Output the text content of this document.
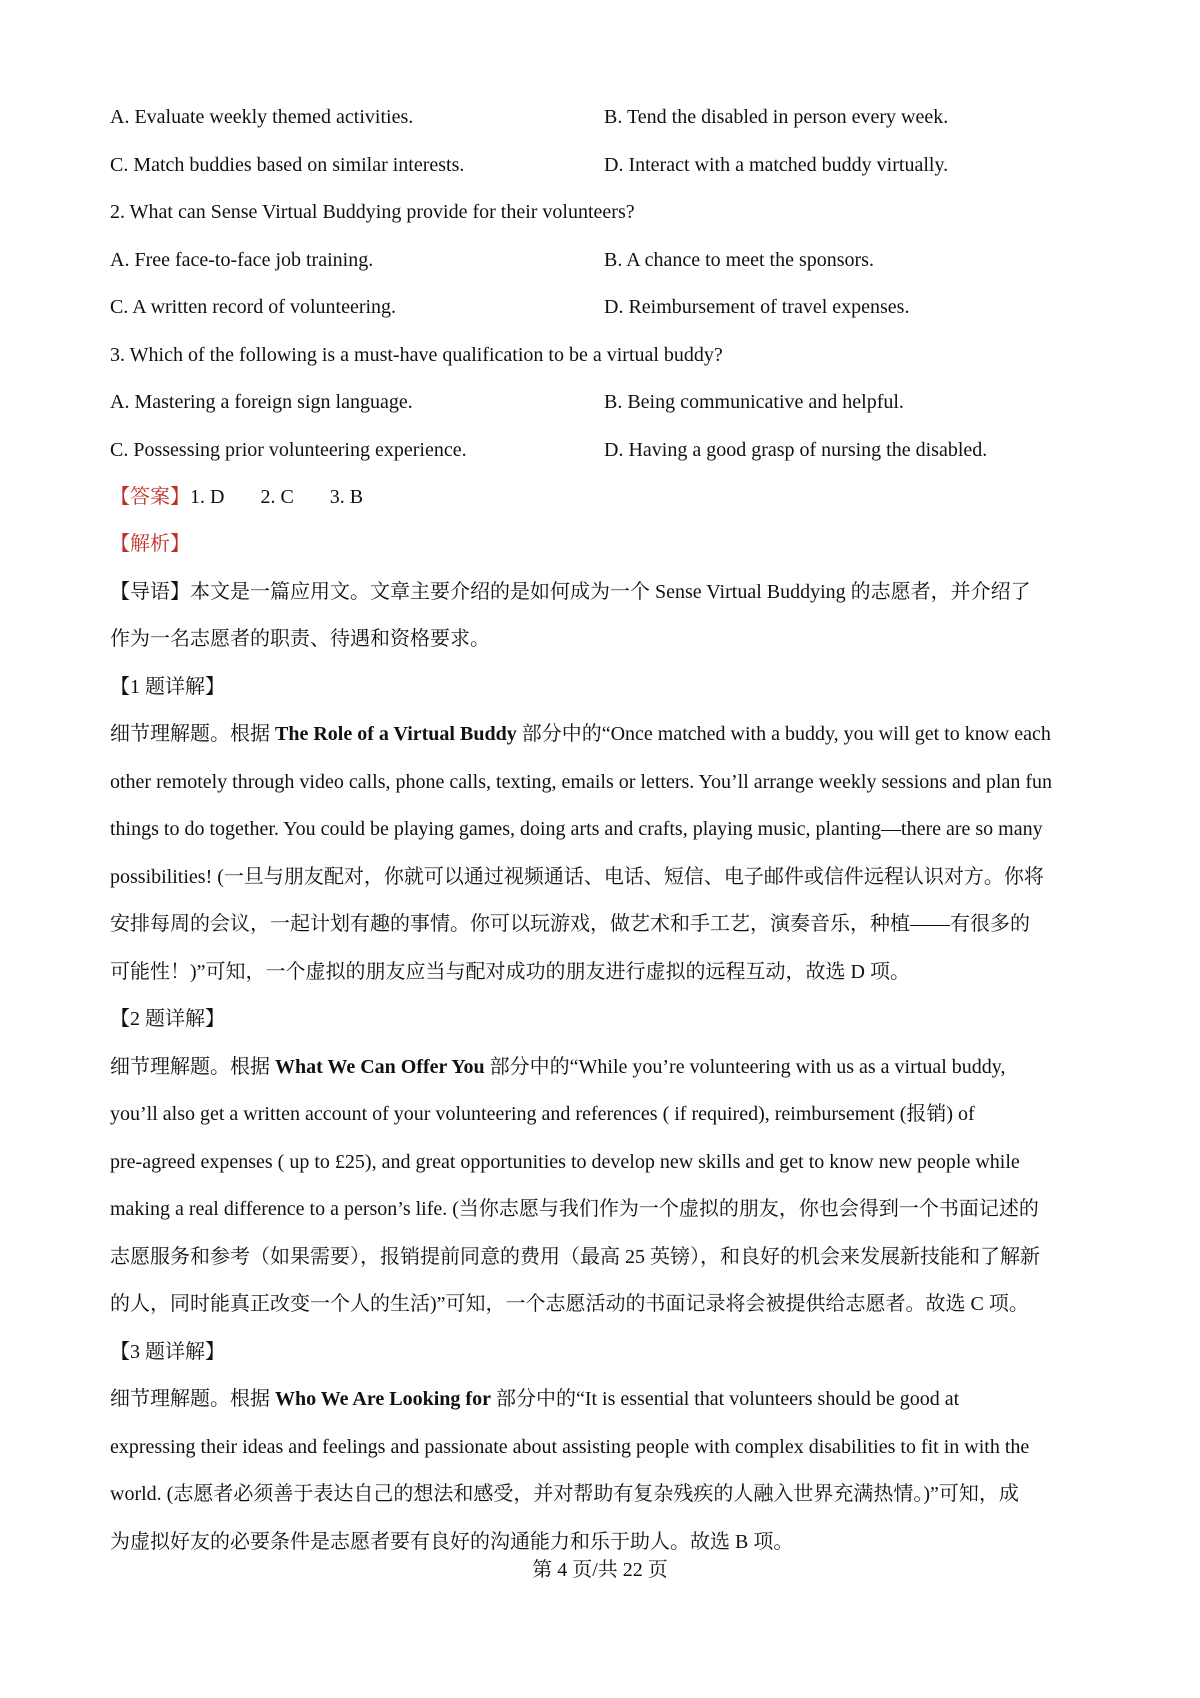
A. Evaluate weekly themed activities.	B. Tend the disabled in person every week.
C. Match buddies based on similar interests.	D. Interact with a matched buddy virtually.
2. What can Sense Virtual Buddying provide for their volunteers?
A. Free face-to-face job training.	B. A chance to meet the sponsors.
C. A written record of volunteering.	D. Reimbursement of travel expenses.
3. Which of the following is a must-have qualification to be a virtual buddy?
A. Mastering a foreign sign language.	B. Being communicative and helpful.
C. Possessing prior volunteering experience.	D. Having a good grasp of nursing the disabled.
【答案】1. D 2. C 3. B
【解析】
【导语】本文是一篇应用文。文章主要介绍的是如何成为一个 Sense Virtual Buddying 的志愿者，并介绍了
作为一名志愿者的职责、待遇和资格要求。
【1 题详解】
细节理解题。根据 The Role of a Virtual Buddy 部分中的“Once matched with a buddy, you will get to know each
other remotely through video calls, phone calls, texting, emails or letters. You’ll arrange weekly sessions and plan fun
things to do together. You could be playing games, doing arts and crafts, playing music, planting—there are so many
possibilities! (一旦与朋友配对，你就可以通过视频通话、电话、短信、电子邮件或信件远程认识对方。你将
安排每周的会议，一起计划有趣的事情。你可以玩游戏，做艺术和手工艺，演奏音乐，种植——有很多的
可能性！)”可知，一个虚拟的朋友应当与配对成功的朋友进行虚拟的远程互动，故选 D 项。
【2 题详解】
细节理解题。根据 What We Can Offer You 部分中的“While you’re volunteering with us as a virtual buddy,
you’ll also get a written account of your volunteering and references ( if required), reimbursement (报销) of
pre-agreed expenses ( up to £25), and great opportunities to develop new skills and get to know new people while
making a real difference to a person’s life. (当你志愿与我们作为一个虚拟的朋友，你也会得到一个书面记述的
志愿服务和参考（如果需要），报销提前同意的费用（最高 25 英镑），和良好的机会来发展新技能和了解新
的人，同时能真正改变一个人的生活)”可知，一个志愿活动的书面记录将会被提供给志愿者。故选 C 项。
【3 题详解】
细节理解题。根据 Who We Are Looking for 部分中的“It is essential that volunteers should be good at
expressing their ideas and feelings and passionate about assisting people with complex disabilities to fit in with the
world. (志愿者必须善于表达自己的想法和感受，并对帮助有复杂残疾的人融入世界充满热情。)”可知，成
为虚拟好友的必要条件是志愿者要有良好的沟通能力和乐于助人。故选 B 项。
第 4 页/共 22 页
